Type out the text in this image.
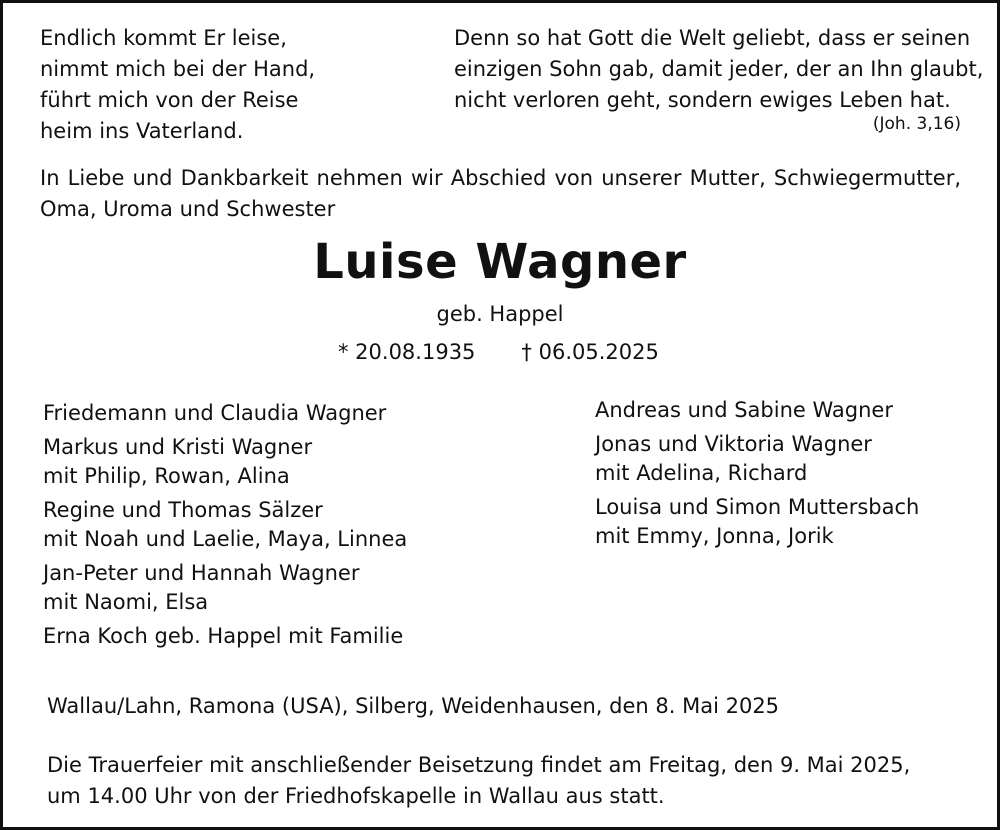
Endlich kommt Er leise,
nimmt mich bei der Hand,
führt mich von der Reise
heim ins Vaterland.
Denn so hat Gott die Welt geliebt, dass er seinen
einzigen Sohn gab, damit jeder, der an Ihn glaubt,
nicht verloren geht, sondern ewiges Leben hat.
(Joh. 3,16)
In Liebe und Dankbarkeit nehmen wir Abschied von unserer Mutter, Schwiegermutter, Oma, Uroma und Schwester
Luise Wagner
geb. Happel
* 20.08.1935 † 06.05.2025
Friedemann und Claudia Wagner
Markus und Kristi Wagner
mit Philip, Rowan, Alina
Regine und Thomas Sälzer
mit Noah und Laelie, Maya, Linnea
Jan-Peter und Hannah Wagner
mit Naomi, Elsa
Erna Koch geb. Happel mit Familie
Andreas und Sabine Wagner
Jonas und Viktoria Wagner
mit Adelina, Richard
Louisa und Simon Muttersbach
mit Emmy, Jonna, Jorik
Wallau/Lahn, Ramona (USA), Silberg, Weidenhausen, den 8. Mai 2025
Die Trauerfeier mit anschließender Beisetzung findet am Freitag, den 9. Mai 2025,
um 14.00 Uhr von der Friedhofskapelle in Wallau aus statt.
